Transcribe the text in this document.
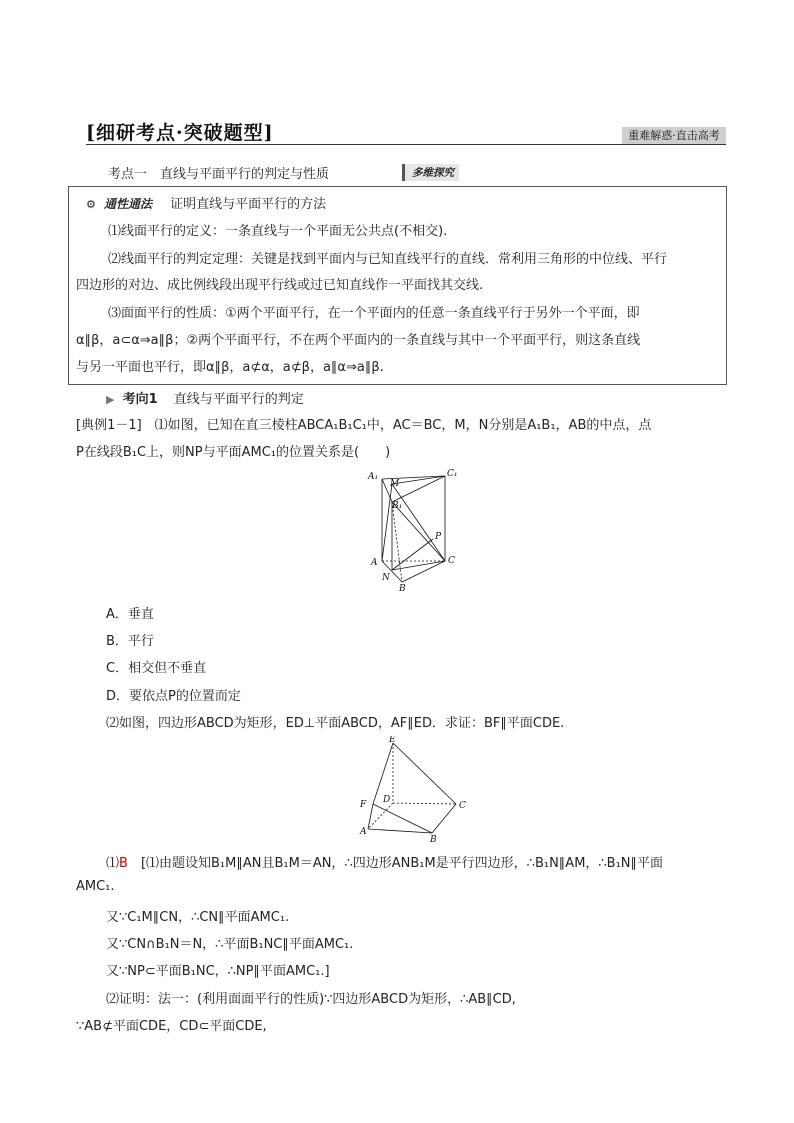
[细研考点·突破题型]	重难解惑·直击高考
考点一　直线与平面平行的判定与性质	多维探究
⚙ 通性通法 证明直线与平面平行的方法
⑴线面平行的定义：一条直线与一个平面无公共点(不相交).
⑵线面平行的判定定理：关键是找到平面内与已知直线平行的直线．常利用三角形的中位线、平行
四边形的对边、成比例线段出现平行线或过已知直线作一平面找其交线.
⑶面面平行的性质：①两个平面平行，在一个平面内的任意一条直线平行于另外一个平面，即
α∥β，a⊂α⇒a∥β；②两个平面平行，不在两个平面内的一条直线与其中一个平面平行，则这条直线
与另一平面也平行，即α∥β，a⊄α，a⊄β，a∥α⇒a∥β.
▶ 考向1 直线与平面平行的判定
[典例1－1]　⑴如图，已知在直三棱柱ABCA₁B₁C₁中，AC＝BC，M，N分别是A₁B₁，AB的中点，点
P在线段B₁C上，则NP与平面AMC₁的位置关系是(　　)
A₁
M
C₁
B₁
P
A	C
N
B
A．垂直
B．平行
C．相交但不垂直
D．要依点P的位置而定
⑵如图，四边形ABCD为矩形，ED⊥平面ABCD，AF∥ED．求证：BF∥平面CDE.
E
F D
C
A
B
⑴B　[⑴由题设知B₁M∥AN且B₁M＝AN，∴四边形ANB₁M是平行四边形，∴B₁N∥AM，∴B₁N∥平面
AMC₁.
又∵C₁M∥CN，∴CN∥平面AMC₁.
又∵CN∩B₁N＝N，∴平面B₁NC∥平面AMC₁.
又∵NP⊂平面B₁NC，∴NP∥平面AMC₁.]
⑵证明：法一：(利用面面平行的性质)∵四边形ABCD为矩形，∴AB∥CD,
∵AB⊄平面CDE，CD⊂平面CDE,
